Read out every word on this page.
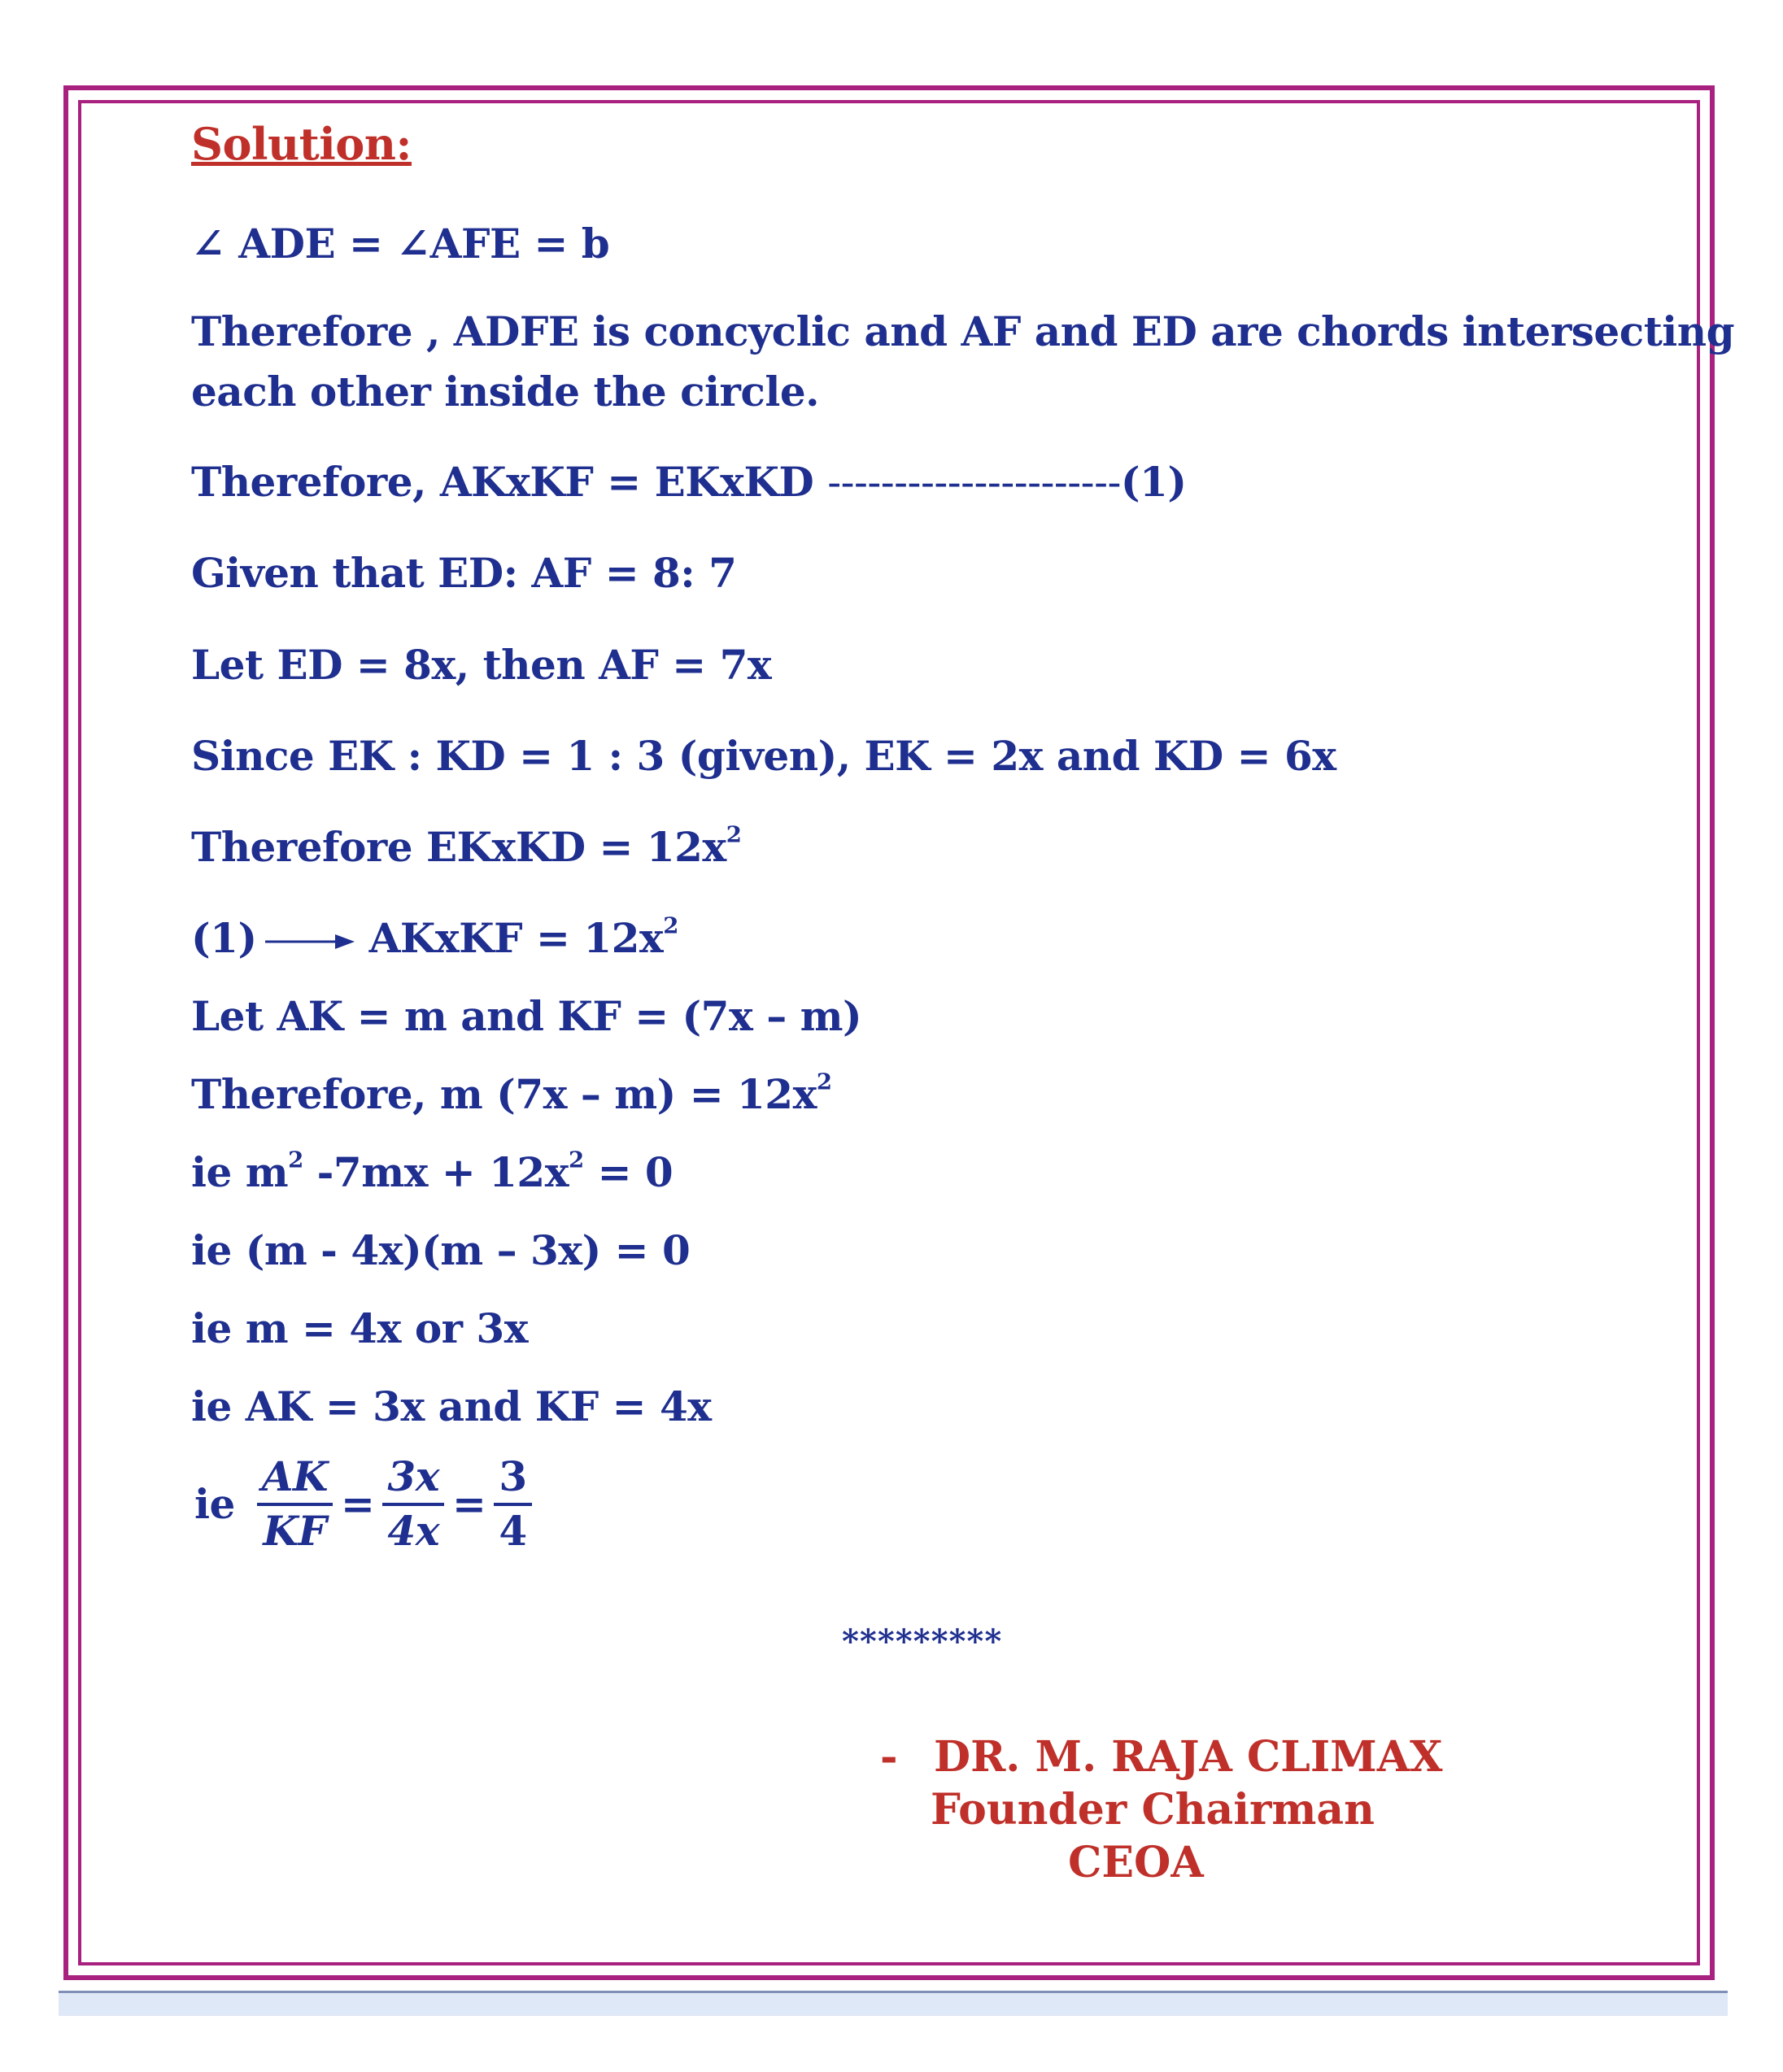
Solution:
∠ ADE = ∠AFE = b
Therefore , ADFE is concyclic and AF and ED are chords intersecting
each other inside the circle.
Therefore, AKxKF = EKxKD ----------------------(1)
Given that ED: AF = 8: 7
Let ED = 8x, then AF = 7x
Since EK : KD = 1 : 3 (given), EK = 2x and KD = 6x
Therefore EKxKD = $12x^2$
(1)	AKxKF = $12x^2$
Let AK = m and KF = (7x – m)
Therefore, m $(7x - m) = 12x^2$
ie $m^2$ $-7mx + 12x^2 = 0$
ie (m - 4x)(m – 3x) = 0
ie m = 4x or 3x
ie AK = 3x and KF = 4x
ie $\frac{AK}{KF} = \frac{3x}{4x} = \frac{3}{4}$
*********
- DR. M. RAJA CLIMAX
Founder Chairman
CEOA
